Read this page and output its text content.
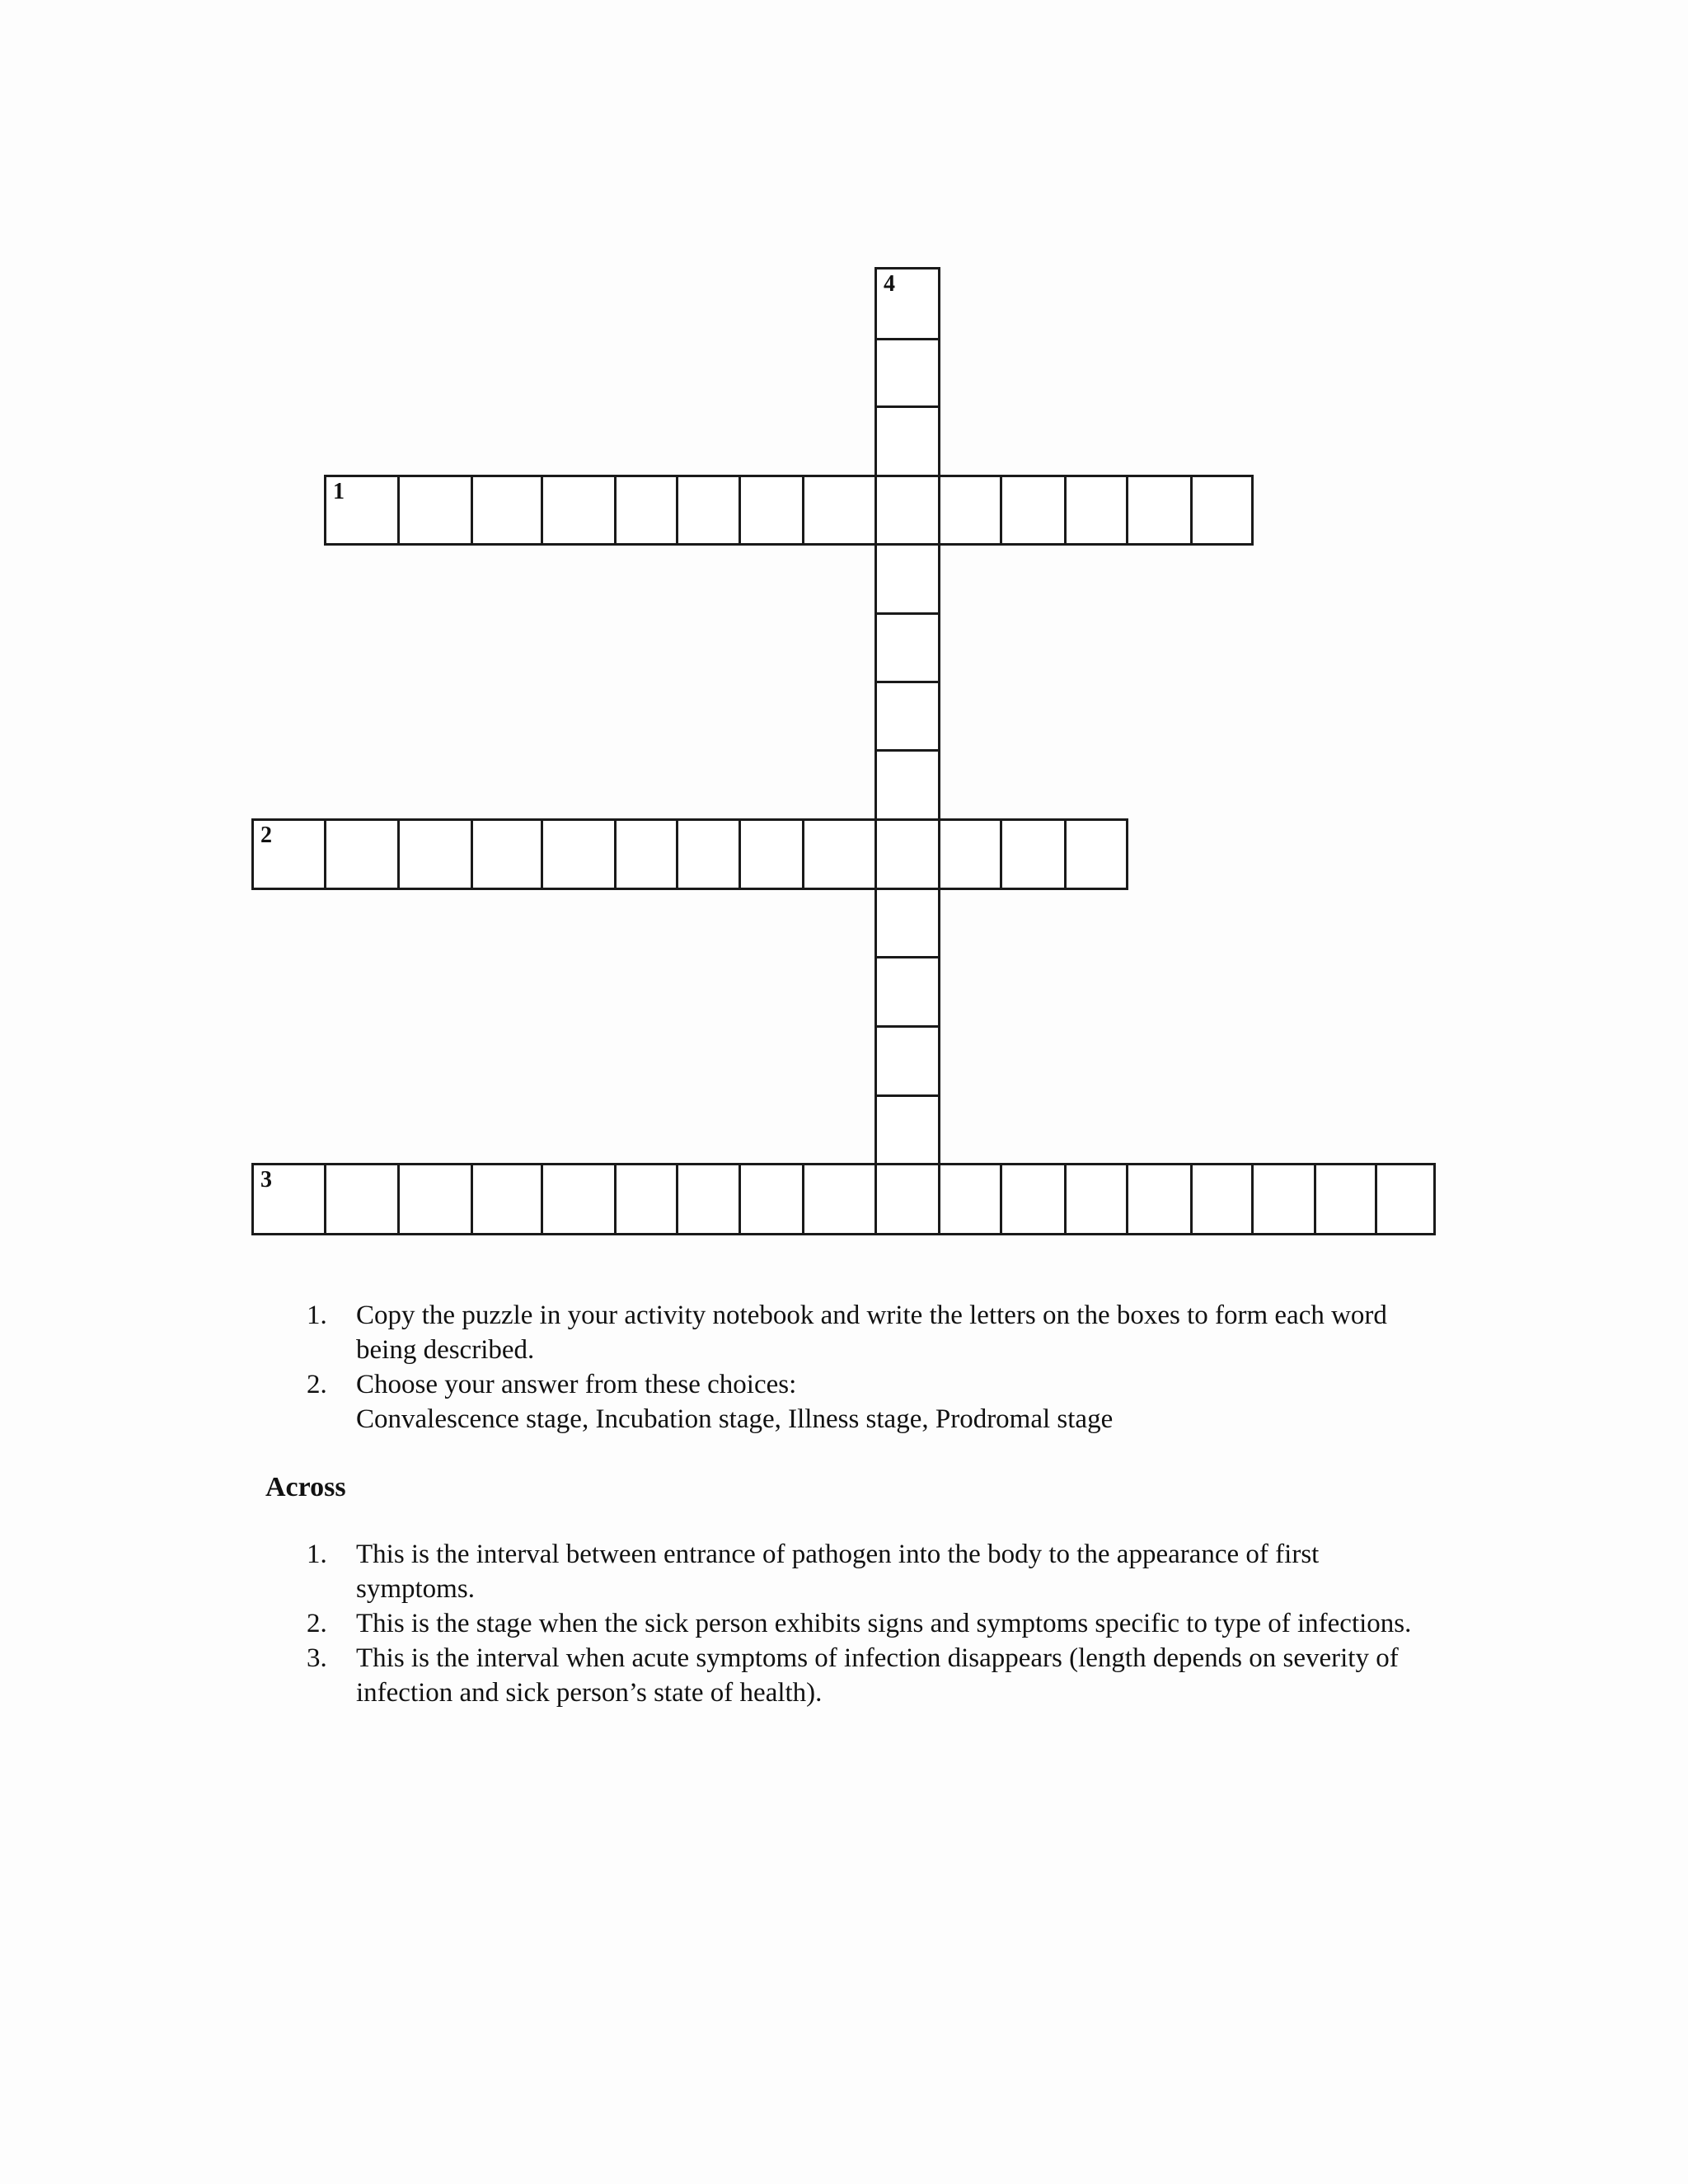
1
2
3
4
1. Copy the puzzle in your activity notebook and write the letters on the boxes to form each word being described.
2. Choose your answer from these choices:
Convalescence stage, Incubation stage, Illness stage, Prodromal stage
Across
1. This is the interval between entrance of pathogen into the body to the appearance of first symptoms.
2. This is the stage when the sick person exhibits signs and symptoms specific to type of infections.
3. This is the interval when acute symptoms of infection disappears (length depends on severity of infection and sick person’s state of health).
